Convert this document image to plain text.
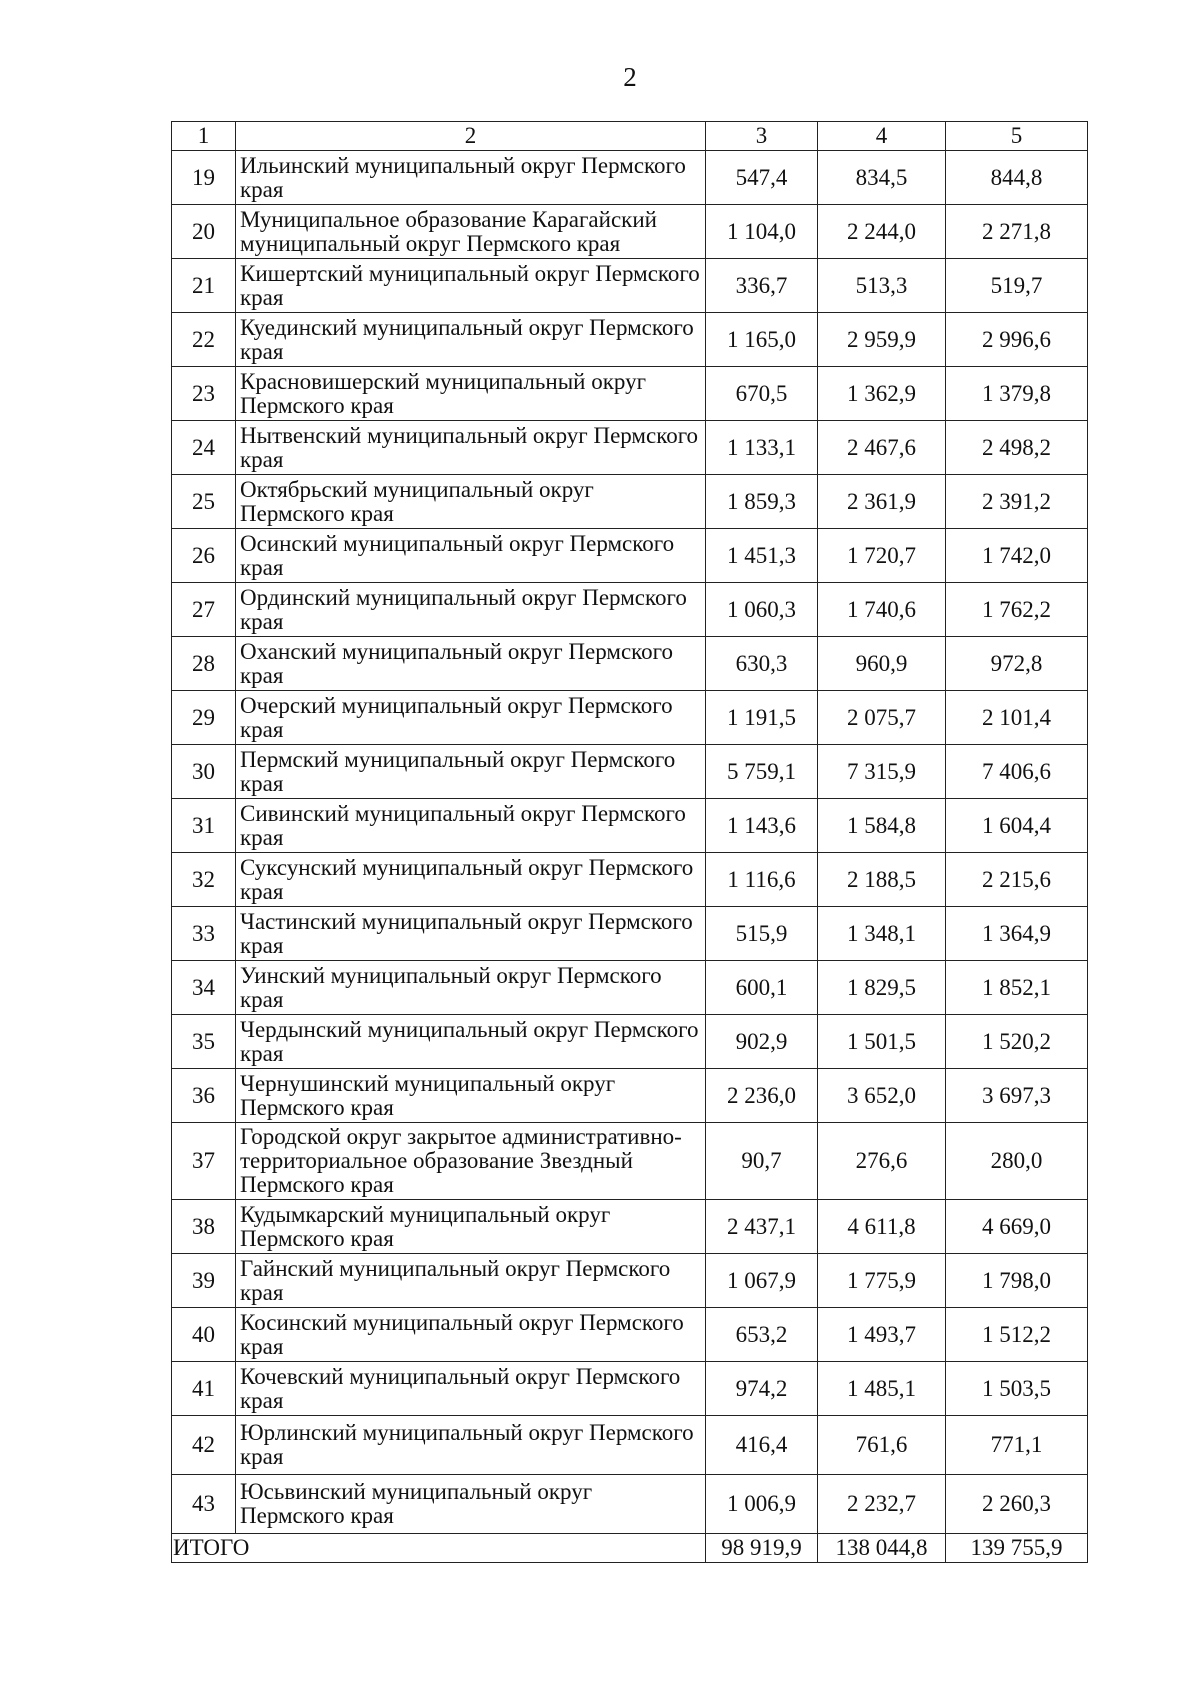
2
1	2	3	4	5
19	Ильинский муниципальный округ Пермского края	547,4	834,5	844,8
20	Муниципальное образование Карагайский муниципальный округ Пермского края	1 104,0	2 244,0	2 271,8
21	Кишертский муниципальный округ Пермского края	336,7	513,3	519,7
22	Куединский муниципальный округ Пермского края	1 165,0	2 959,9	2 996,6
23	Красновишерский муниципальный округ Пермского края	670,5	1 362,9	1 379,8
24	Нытвенский муниципальный округ Пермского края	1 133,1	2 467,6	2 498,2
25	Октябрьский муниципальный округ Пермского края	1 859,3	2 361,9	2 391,2
26	Осинский муниципальный округ Пермского края	1 451,3	1 720,7	1 742,0
27	Ординский муниципальный округ Пермского края	1 060,3	1 740,6	1 762,2
28	Оханский муниципальный округ Пермского края	630,3	960,9	972,8
29	Очерский муниципальный округ Пермского края	1 191,5	2 075,7	2 101,4
30	Пермский муниципальный округ Пермского края	5 759,1	7 315,9	7 406,6
31	Сивинский муниципальный округ Пермского края	1 143,6	1 584,8	1 604,4
32	Суксунский муниципальный округ Пермского края	1 116,6	2 188,5	2 215,6
33	Частинский муниципальный округ Пермского края	515,9	1 348,1	1 364,9
34	Уинский муниципальный округ Пермского края	600,1	1 829,5	1 852,1
35	Чердынский муниципальный округ Пермского края	902,9	1 501,5	1 520,2
36	Чернушинский муниципальный округ Пермского края	2 236,0	3 652,0	3 697,3
37	Городской округ закрытое административно-территориальное образование Звездный Пермского края	90,7	276,6	280,0
38	Кудымкарский муниципальный округ Пермского края	2 437,1	4 611,8	4 669,0
39	Гайнский муниципальный округ Пермского края	1 067,9	1 775,9	1 798,0
40	Косинский муниципальный округ Пермского края	653,2	1 493,7	1 512,2
41	Кочевский муниципальный округ Пермского края	974,2	1 485,1	1 503,5
42	Юрлинский муниципальный округ Пермского края	416,4	761,6	771,1
43	Юсьвинский муниципальный округ Пермского края	1 006,9	2 232,7	2 260,3
ИТОГО		98 919,9	138 044,8	139 755,9
